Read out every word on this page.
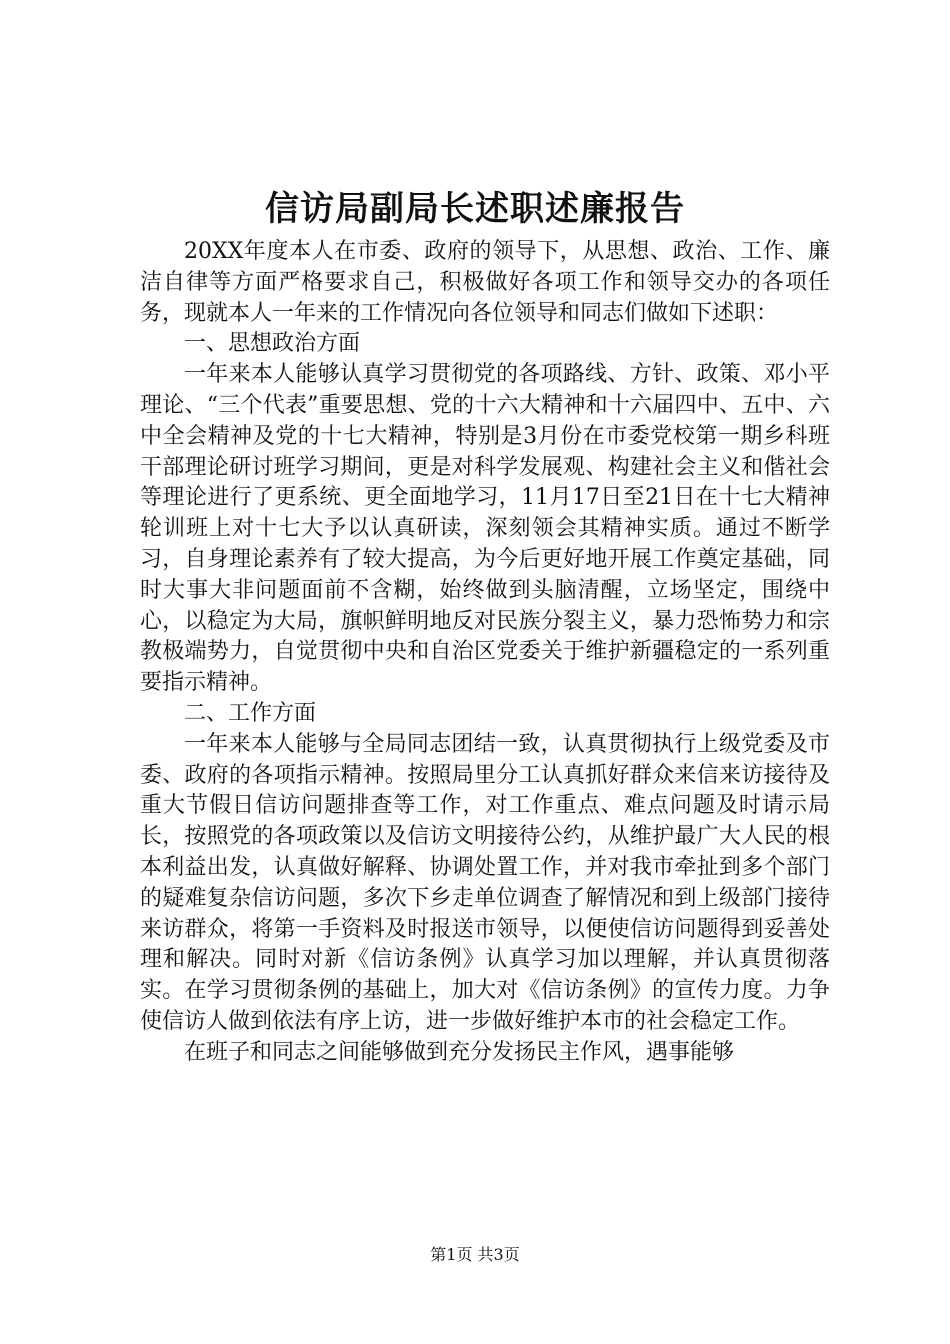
信访局副局长述职述廉报告

20XX年度本人在市委、政府的领导下，从思想、政治、工作、廉洁自律等方面严格要求自己，积极做好各项工作和领导交办的各项任务，现就本人一年来的工作情况向各位领导和同志们做如下述职：

一、思想政治方面

一年来本人能够认真学习贯彻党的各项路线、方针、政策、邓小平理论、“三个代表”重要思想、党的十六大精神和十六届四中、五中、六中全会精神及党的十七大精神，特别是3月份在市委党校第一期乡科班干部理论研讨班学习期间，更是对科学发展观、构建社会主义和偕社会等理论进行了更系统、更全面地学习，11月17日至21日在十七大精神轮训班上对十七大予以认真研读，深刻领会其精神实质。通过不断学习，自身理论素养有了较大提高，为今后更好地开展工作奠定基础，同时大事大非问题面前不含糊，始终做到头脑清醒，立场坚定，围绕中心，以稳定为大局，旗帜鲜明地反对民族分裂主义，暴力恐怖势力和宗教极端势力，自觉贯彻中央和自治区党委关于维护新疆稳定的一系列重要指示精神。

二、工作方面

一年来本人能够与全局同志团结一致，认真贯彻执行上级党委及市委、政府的各项指示精神。按照局里分工认真抓好群众来信来访接待及重大节假日信访问题排查等工作，对工作重点、难点问题及时请示局长，按照党的各项政策以及信访文明接待公约，从维护最广大人民的根本利益出发，认真做好解释、协调处置工作，并对我市牵扯到多个部门的疑难复杂信访问题，多次下乡走单位调查了解情况和到上级部门接待来访群众，将第一手资料及时报送市领导，以便使信访问题得到妥善处理和解决。同时对新《信访条例》认真学习加以理解，并认真贯彻落实。在学习贯彻条例的基础上，加大对《信访条例》的宣传力度。力争使信访人做到依法有序上访，进一步做好维护本市的社会稳定工作。

在班子和同志之间能够做到充分发扬民主作风，遇事能够

第1页 共3页
